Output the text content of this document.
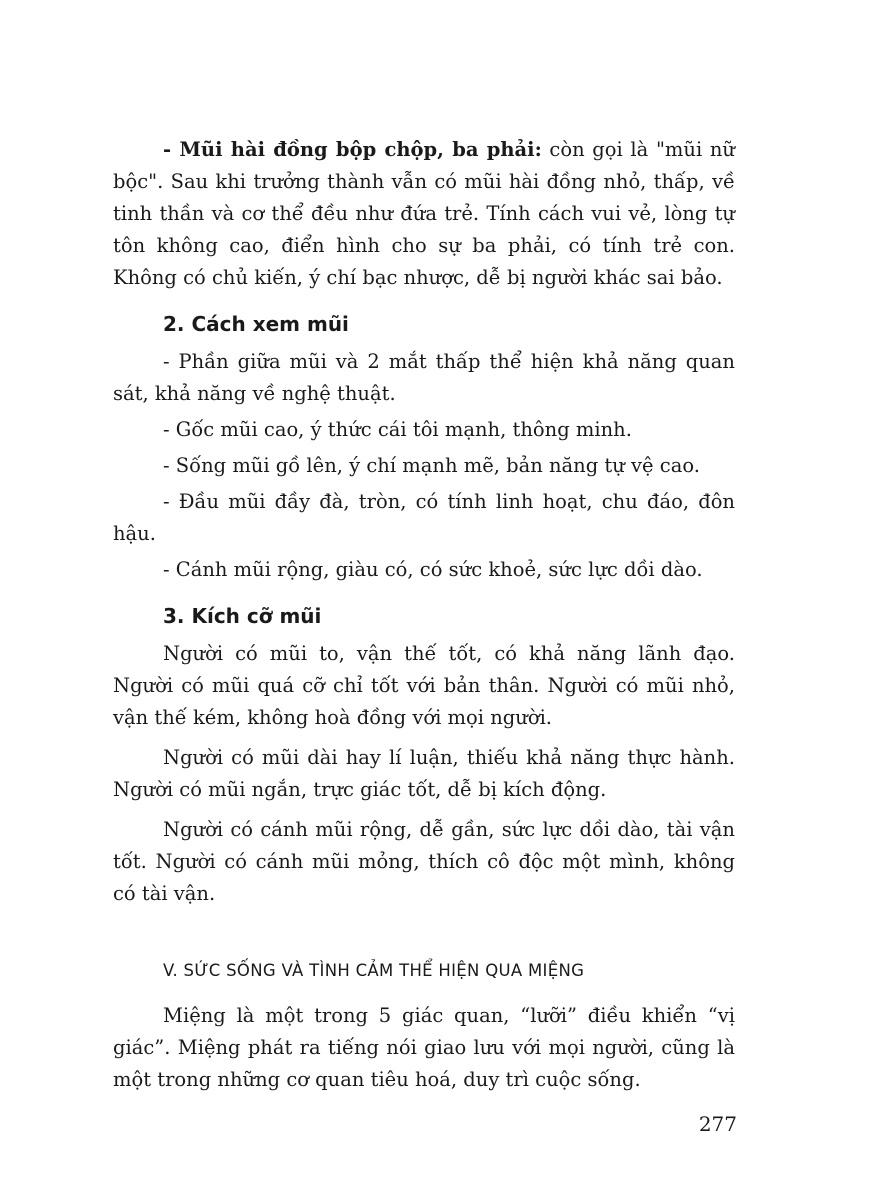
- Mũi hài đồng bộp chộp, ba phải: còn gọi là "mũi nữ bộc". Sau khi trưởng thành vẫn có mũi hài đồng nhỏ, thấp, về tinh thần và cơ thể đều như đứa trẻ. Tính cách vui vẻ, lòng tự tôn không cao, điển hình cho sự ba phải, có tính trẻ con. Không có chủ kiến, ý chí bạc nhược, dễ bị người khác sai bảo.

2. Cách xem mũi

- Phần giữa mũi và 2 mắt thấp thể hiện khả năng quan sát, khả năng về nghệ thuật.

- Gốc mũi cao, ý thức cái tôi mạnh, thông minh.

- Sống mũi gồ lên, ý chí mạnh mẽ, bản năng tự vệ cao.

- Đầu mũi đầy đà, tròn, có tính linh hoạt, chu đáo, đôn hậu.

- Cánh mũi rộng, giàu có, có sức khoẻ, sức lực dồi dào.

3. Kích cỡ mũi

Người có mũi to, vận thế tốt, có khả năng lãnh đạo. Người có mũi quá cỡ chỉ tốt với bản thân. Người có mũi nhỏ, vận thế kém, không hoà đồng với mọi người.

Người có mũi dài hay lí luận, thiếu khả năng thực hành. Người có mũi ngắn, trực giác tốt, dễ bị kích động.

Người có cánh mũi rộng, dễ gần, sức lực dồi dào, tài vận tốt. Người có cánh mũi mỏng, thích cô độc một mình, không có tài vận.

V. SỨC SỐNG VÀ TÌNH CẢM THỂ HIỆN QUA MIỆNG

Miệng là một trong 5 giác quan, “lưỡi” điều khiển “vị giác”. Miệng phát ra tiếng nói giao lưu với mọi người, cũng là một trong những cơ quan tiêu hoá, duy trì cuộc sống.

277
